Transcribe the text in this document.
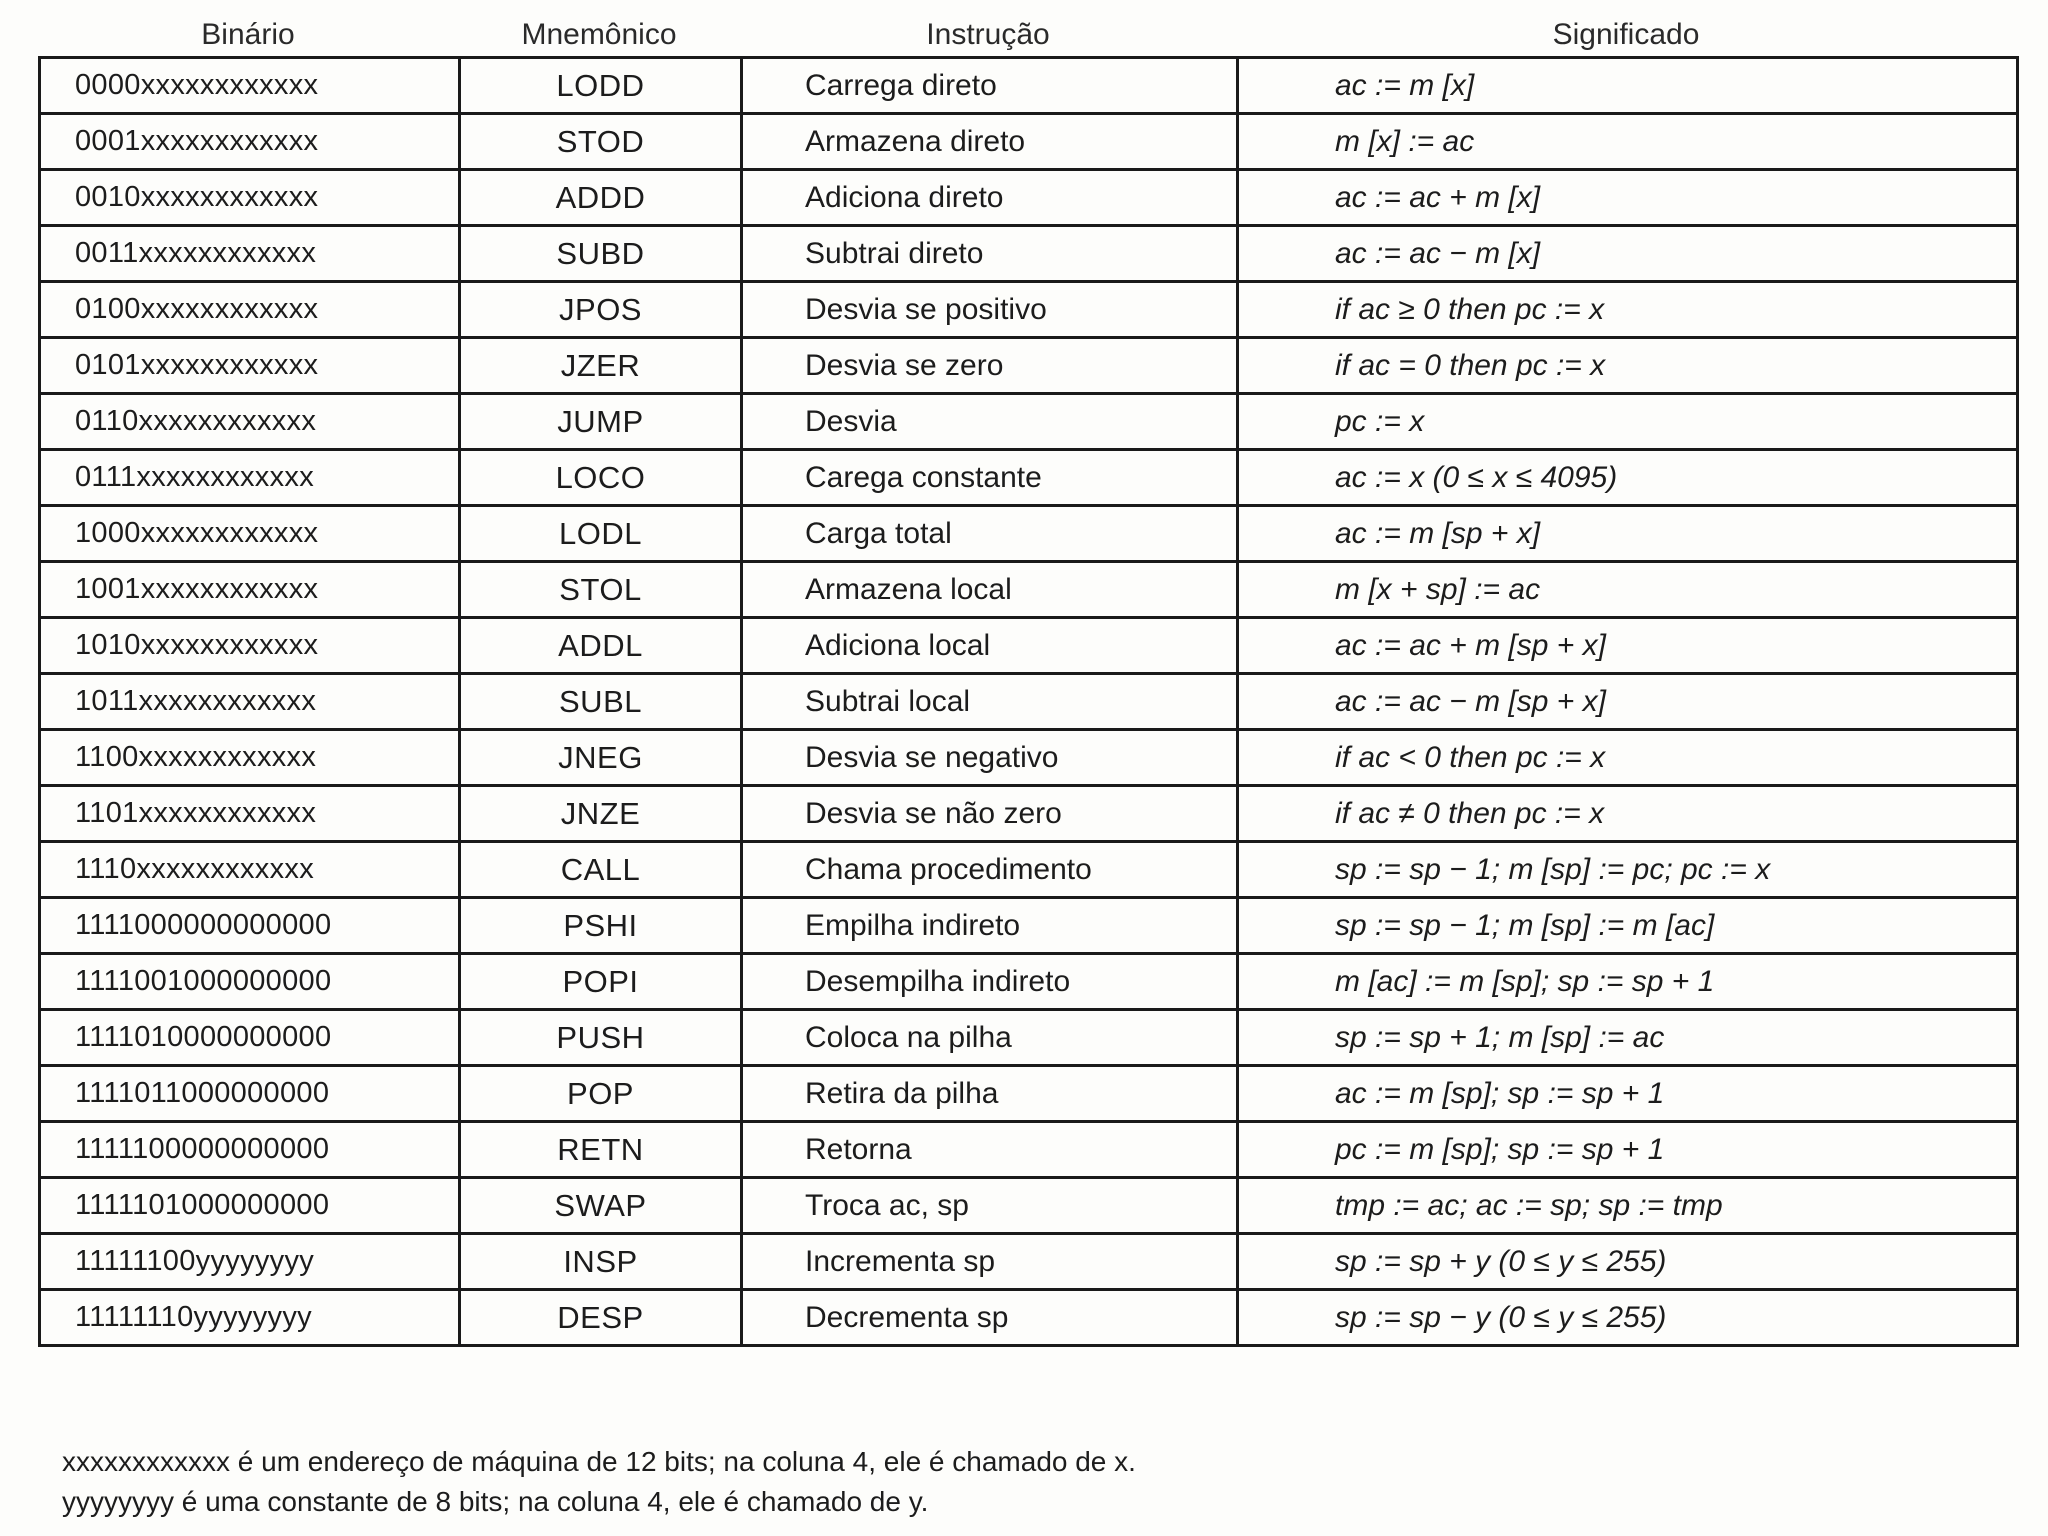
Binário	Mnemônico	Instrução	Significado
0000xxxxxxxxxxxx	LODD	Carrega direto	ac := m [x]
0001xxxxxxxxxxxx	STOD	Armazena direto	m [x] := ac
0010xxxxxxxxxxxx	ADDD	Adiciona direto	ac := ac + m [x]
0011xxxxxxxxxxxx	SUBD	Subtrai direto	ac := ac − m [x]
0100xxxxxxxxxxxx	JPOS	Desvia se positivo	if ac ≥ 0 then pc := x
0101xxxxxxxxxxxx	JZER	Desvia se zero	if ac = 0 then pc := x
0110xxxxxxxxxxxx	JUMP	Desvia	pc := x
0111xxxxxxxxxxxx	LOCO	Carega constante	ac := x (0 ≤ x ≤ 4095)
1000xxxxxxxxxxxx	LODL	Carga total	ac := m [sp + x]
1001xxxxxxxxxxxx	STOL	Armazena local	m [x + sp] := ac
1010xxxxxxxxxxxx	ADDL	Adiciona local	ac := ac + m [sp + x]
1011xxxxxxxxxxxx	SUBL	Subtrai local	ac := ac − m [sp + x]
1100xxxxxxxxxxxx	JNEG	Desvia se negativo	if ac < 0 then pc := x
1101xxxxxxxxxxxx	JNZE	Desvia se não zero	if ac ≠ 0 then pc := x
1110xxxxxxxxxxxx	CALL	Chama procedimento	sp := sp − 1; m [sp] := pc; pc := x
1111000000000000	PSHI	Empilha indireto	sp := sp − 1; m [sp] := m [ac]
1111001000000000	POPI	Desempilha indireto	m [ac] := m [sp]; sp := sp + 1
1111010000000000	PUSH	Coloca na pilha	sp := sp + 1; m [sp] := ac
1111011000000000	POP	Retira da pilha	ac := m [sp]; sp := sp + 1
1111100000000000	RETN	Retorna	pc := m [sp]; sp := sp + 1
1111101000000000	SWAP	Troca ac, sp	tmp := ac; ac := sp; sp := tmp
11111100yyyyyyyy	INSP	Incrementa sp	sp := sp + y (0 ≤ y ≤ 255)
11111110yyyyyyyy	DESP	Decrementa sp	sp := sp − y (0 ≤ y ≤ 255)
xxxxxxxxxxxx é um endereço de máquina de 12 bits; na coluna 4, ele é chamado de x.
yyyyyyyy é uma constante de 8 bits; na coluna 4, ele é chamado de y.
